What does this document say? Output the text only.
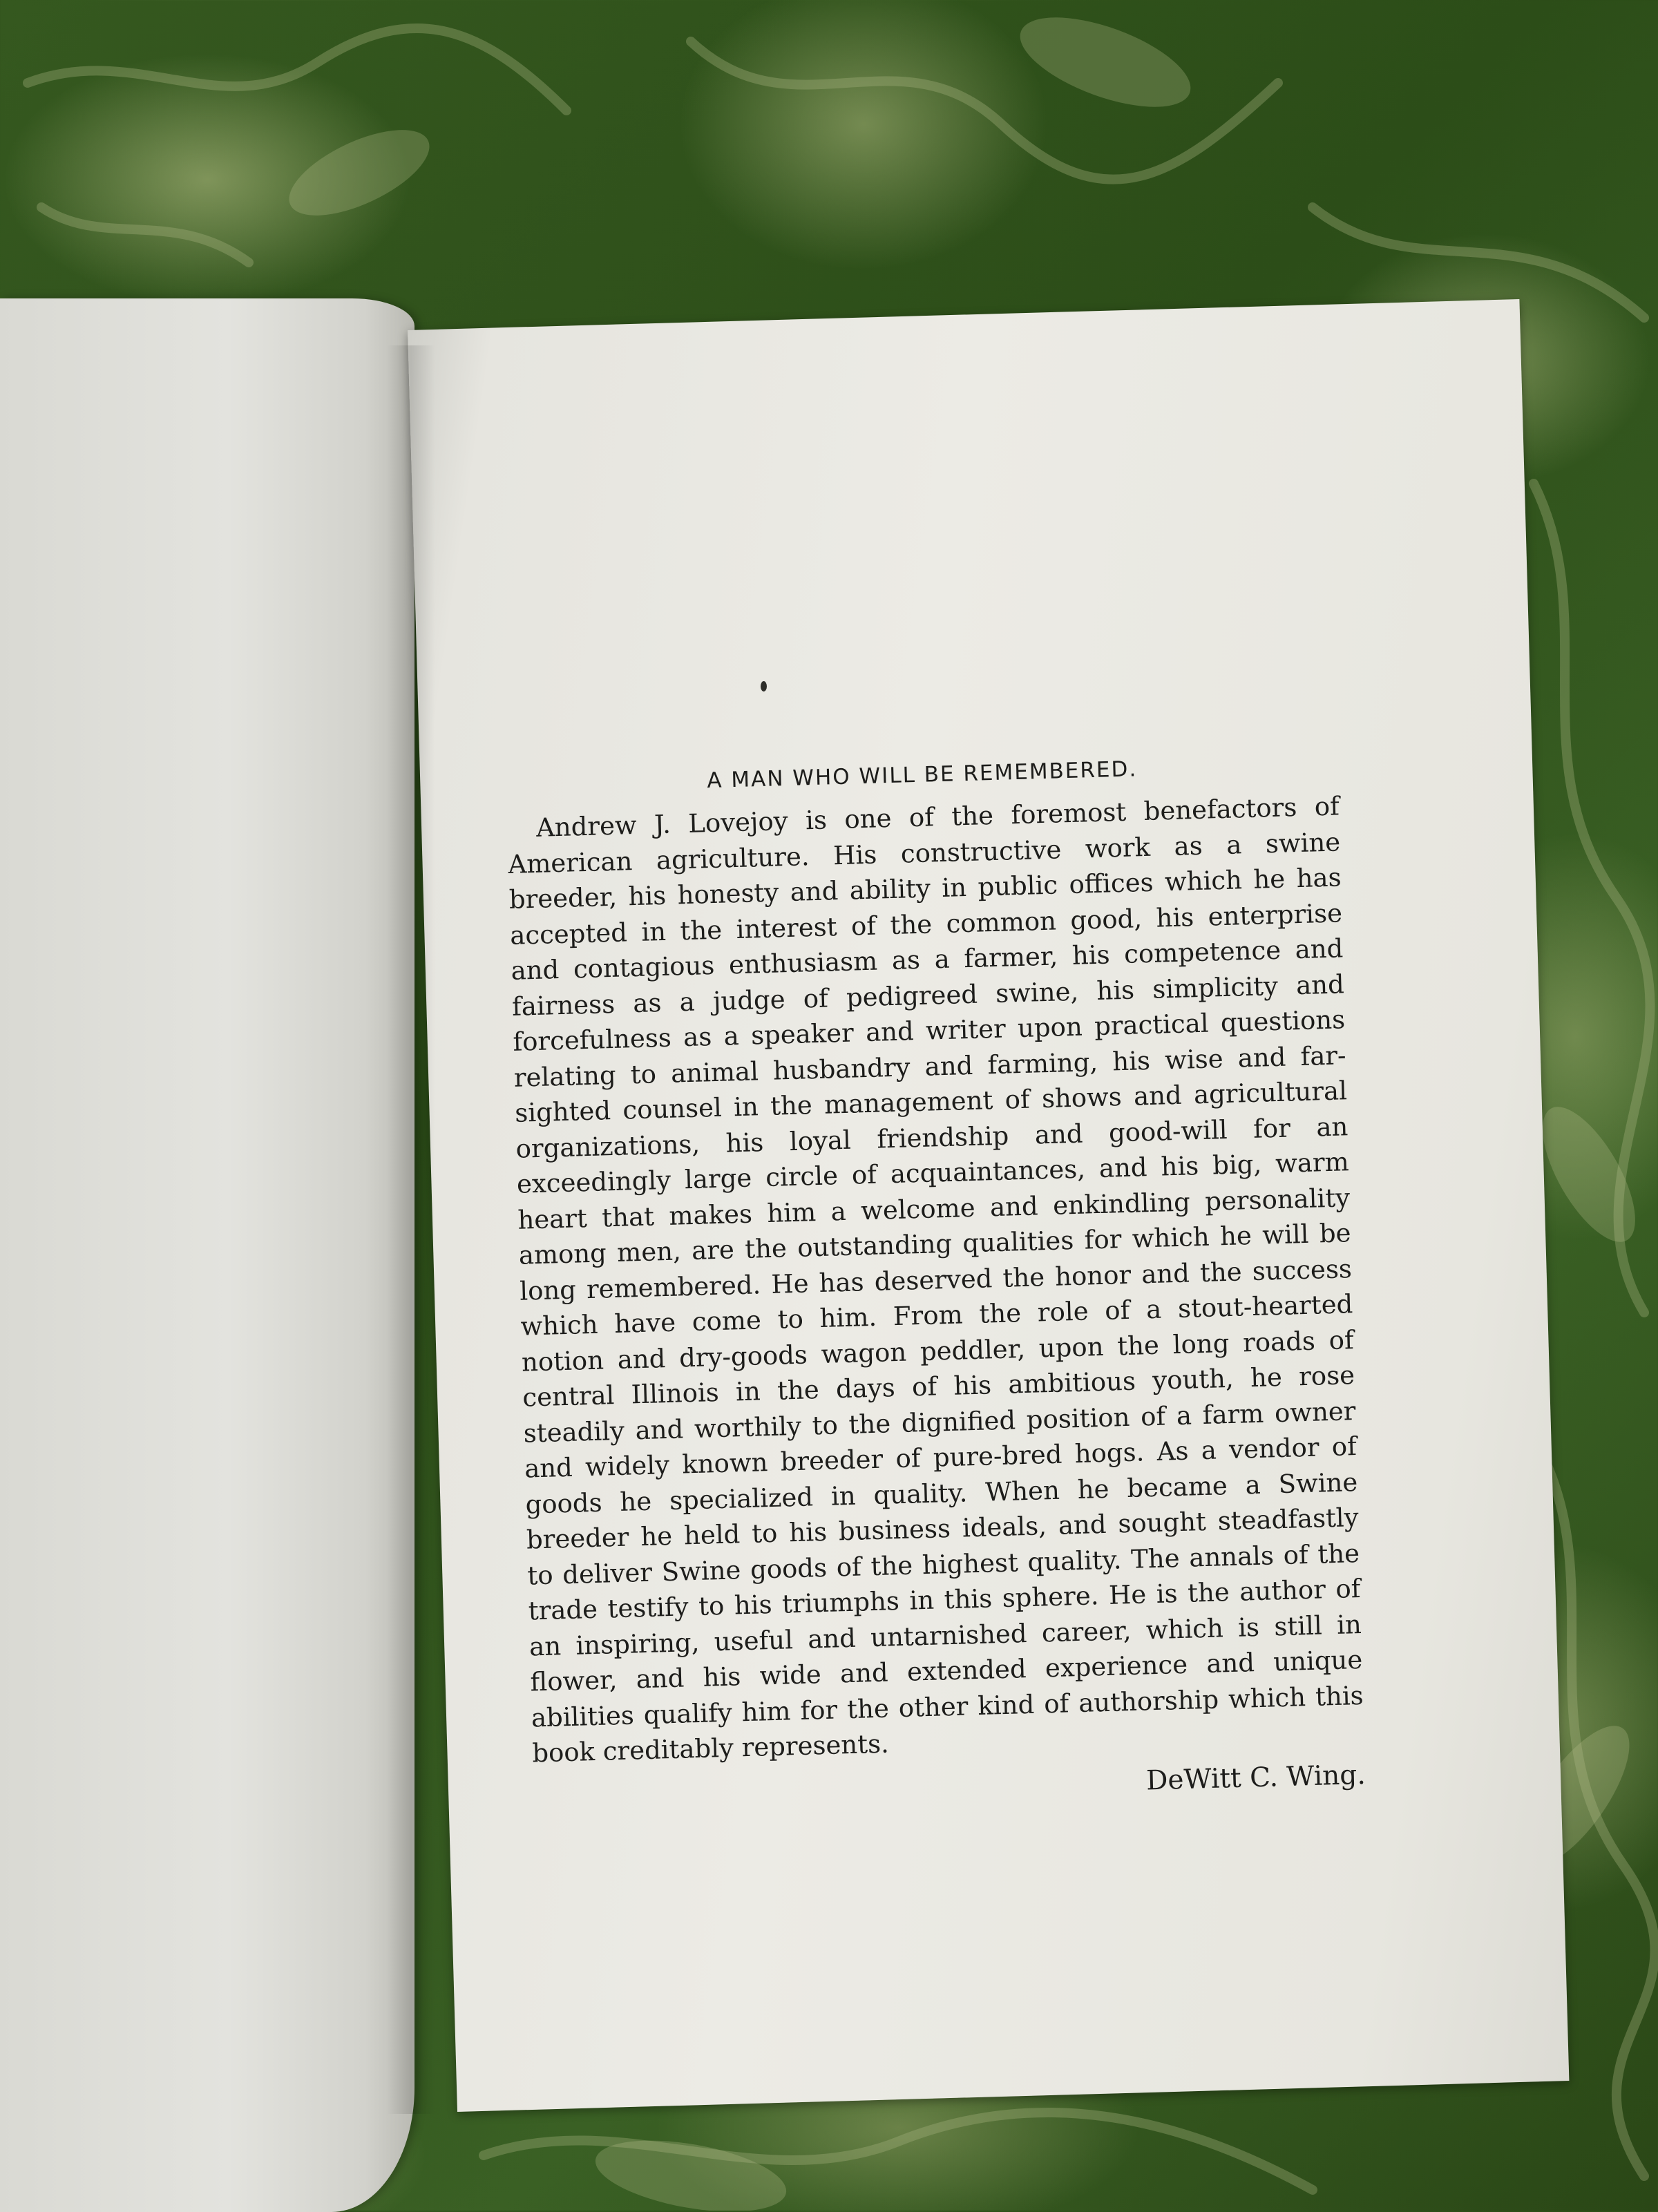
A MAN WHO WILL BE REMEMBERED.

Andrew J. Lovejoy is one of the foremost benefactors of American agriculture. His constructive work as a swine breeder, his honesty and ability in public offices which he has accepted in the interest of the common good, his enterprise and contagious enthusiasm as a farmer, his competence and fairness as a judge of pedigreed swine, his simplicity and forcefulness as a speaker and writer upon practical questions relating to animal husbandry and farming, his wise and far-sighted counsel in the management of shows and agricultural organizations, his loyal friendship and good-will for an exceedingly large circle of acquaintances, and his big, warm heart that makes him a welcome and enkindling personality among men, are the outstanding qualities for which he will be long remembered. He has deserved the honor and the success which have come to him. From the role of a stout-hearted notion and dry-goods wagon peddler, upon the long roads of central Illinois in the days of his ambitious youth, he rose steadily and worthily to the dignified position of a farm owner and widely known breeder of pure-bred hogs. As a vendor of goods he specialized in quality. When he became a Swine breeder he held to his business ideals, and sought steadfastly to deliver Swine goods of the highest quality. The annals of the trade testify to his triumphs in this sphere. He is the author of an inspiring, useful and untarnished career, which is still in flower, and his wide and extended experience and unique abilities qualify him for the other kind of authorship which this book creditably represents.

DeWitt C. Wing.
